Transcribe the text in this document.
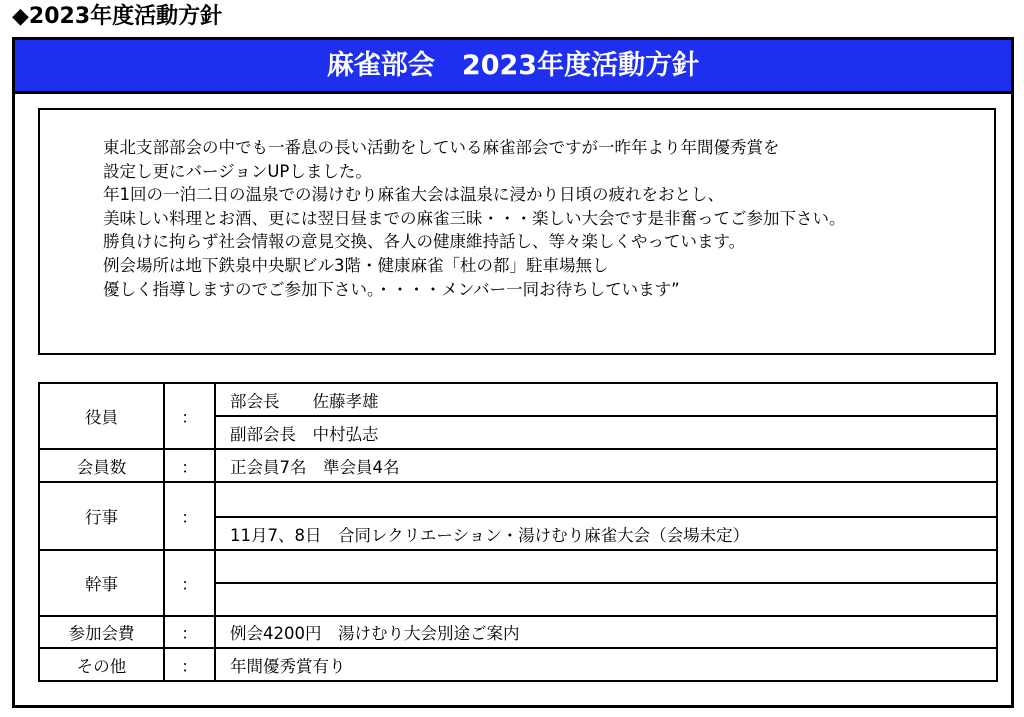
◆2023年度活動方針
麻雀部会　2023年度活動方針
東北支部部会の中でも一番息の長い活動をしている麻雀部会ですが一昨年より年間優秀賞を
設定し更にバージョンUPしました。
年1回の一泊二日の温泉での湯けむり麻雀大会は温泉に浸かり日頃の疲れをおとし、
美味しい料理とお酒、更には翌日昼までの麻雀三昧・・・楽しい大会です是非奮ってご参加下さい。
勝負けに拘らず社会情報の意見交換、各人の健康維持話し、等々楽しくやっています。
例会場所は地下鉄泉中央駅ビル3階・健康麻雀「杜の都」駐車場無し
優しく指導しますのでご参加下さい。・・・・メンバー一同お待ちしています”
役員	：	部会長　　佐藤孝雄
		副部会長　中村弘志
会員数	：	正会員7名　準会員4名
行事	：	
		11月7、8日　合同レクリエーション・湯けむり麻雀大会（会場未定）
幹事	：	

参加会費	：	例会4200円　湯けむり大会別途ご案内
その他	：	年間優秀賞有り
